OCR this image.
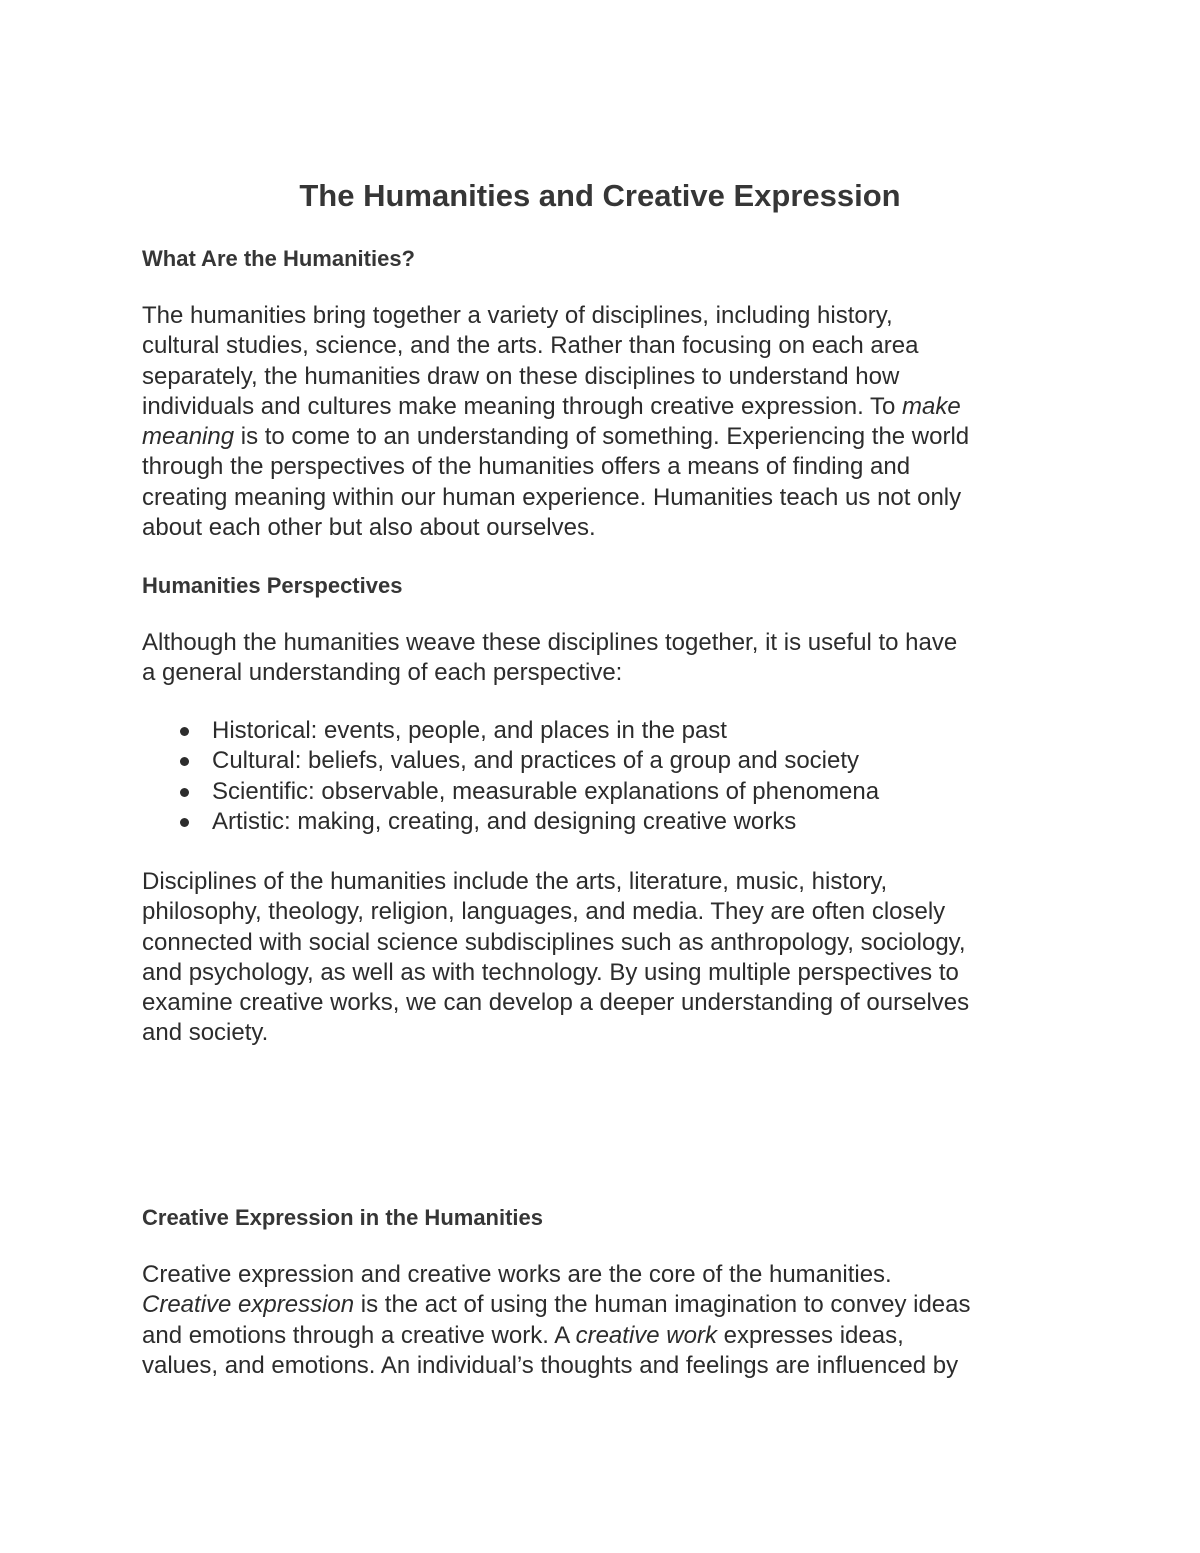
The Humanities and Creative Expression
What Are the Humanities?

The humanities bring together a variety of disciplines, including history,
cultural studies, science, and the arts. Rather than focusing on each area
separately, the humanities draw on these disciplines to understand how
individuals and cultures make meaning through creative expression. To make
meaning is to come to an understanding of something. Experiencing the world
through the perspectives of the humanities offers a means of finding and
creating meaning within our human experience. Humanities teach us not only
about each other but also about ourselves.

Humanities Perspectives

Although the humanities weave these disciplines together, it is useful to have
a general understanding of each perspective:

Historical: events, people, and places in the past
Cultural: beliefs, values, and practices of a group and society
Scientific: observable, measurable explanations of phenomena
Artistic: making, creating, and designing creative works

Disciplines of the humanities include the arts, literature, music, history,
philosophy, theology, religion, languages, and media. They are often closely
connected with social science subdisciplines such as anthropology, sociology,
and psychology, as well as with technology. By using multiple perspectives to
examine creative works, we can develop a deeper understanding of ourselves
and society.

Creative Expression in the Humanities

Creative expression and creative works are the core of the humanities.
Creative expression is the act of using the human imagination to convey ideas
and emotions through a creative work. A creative work expresses ideas,
values, and emotions. An individual’s thoughts and feelings are influenced by
